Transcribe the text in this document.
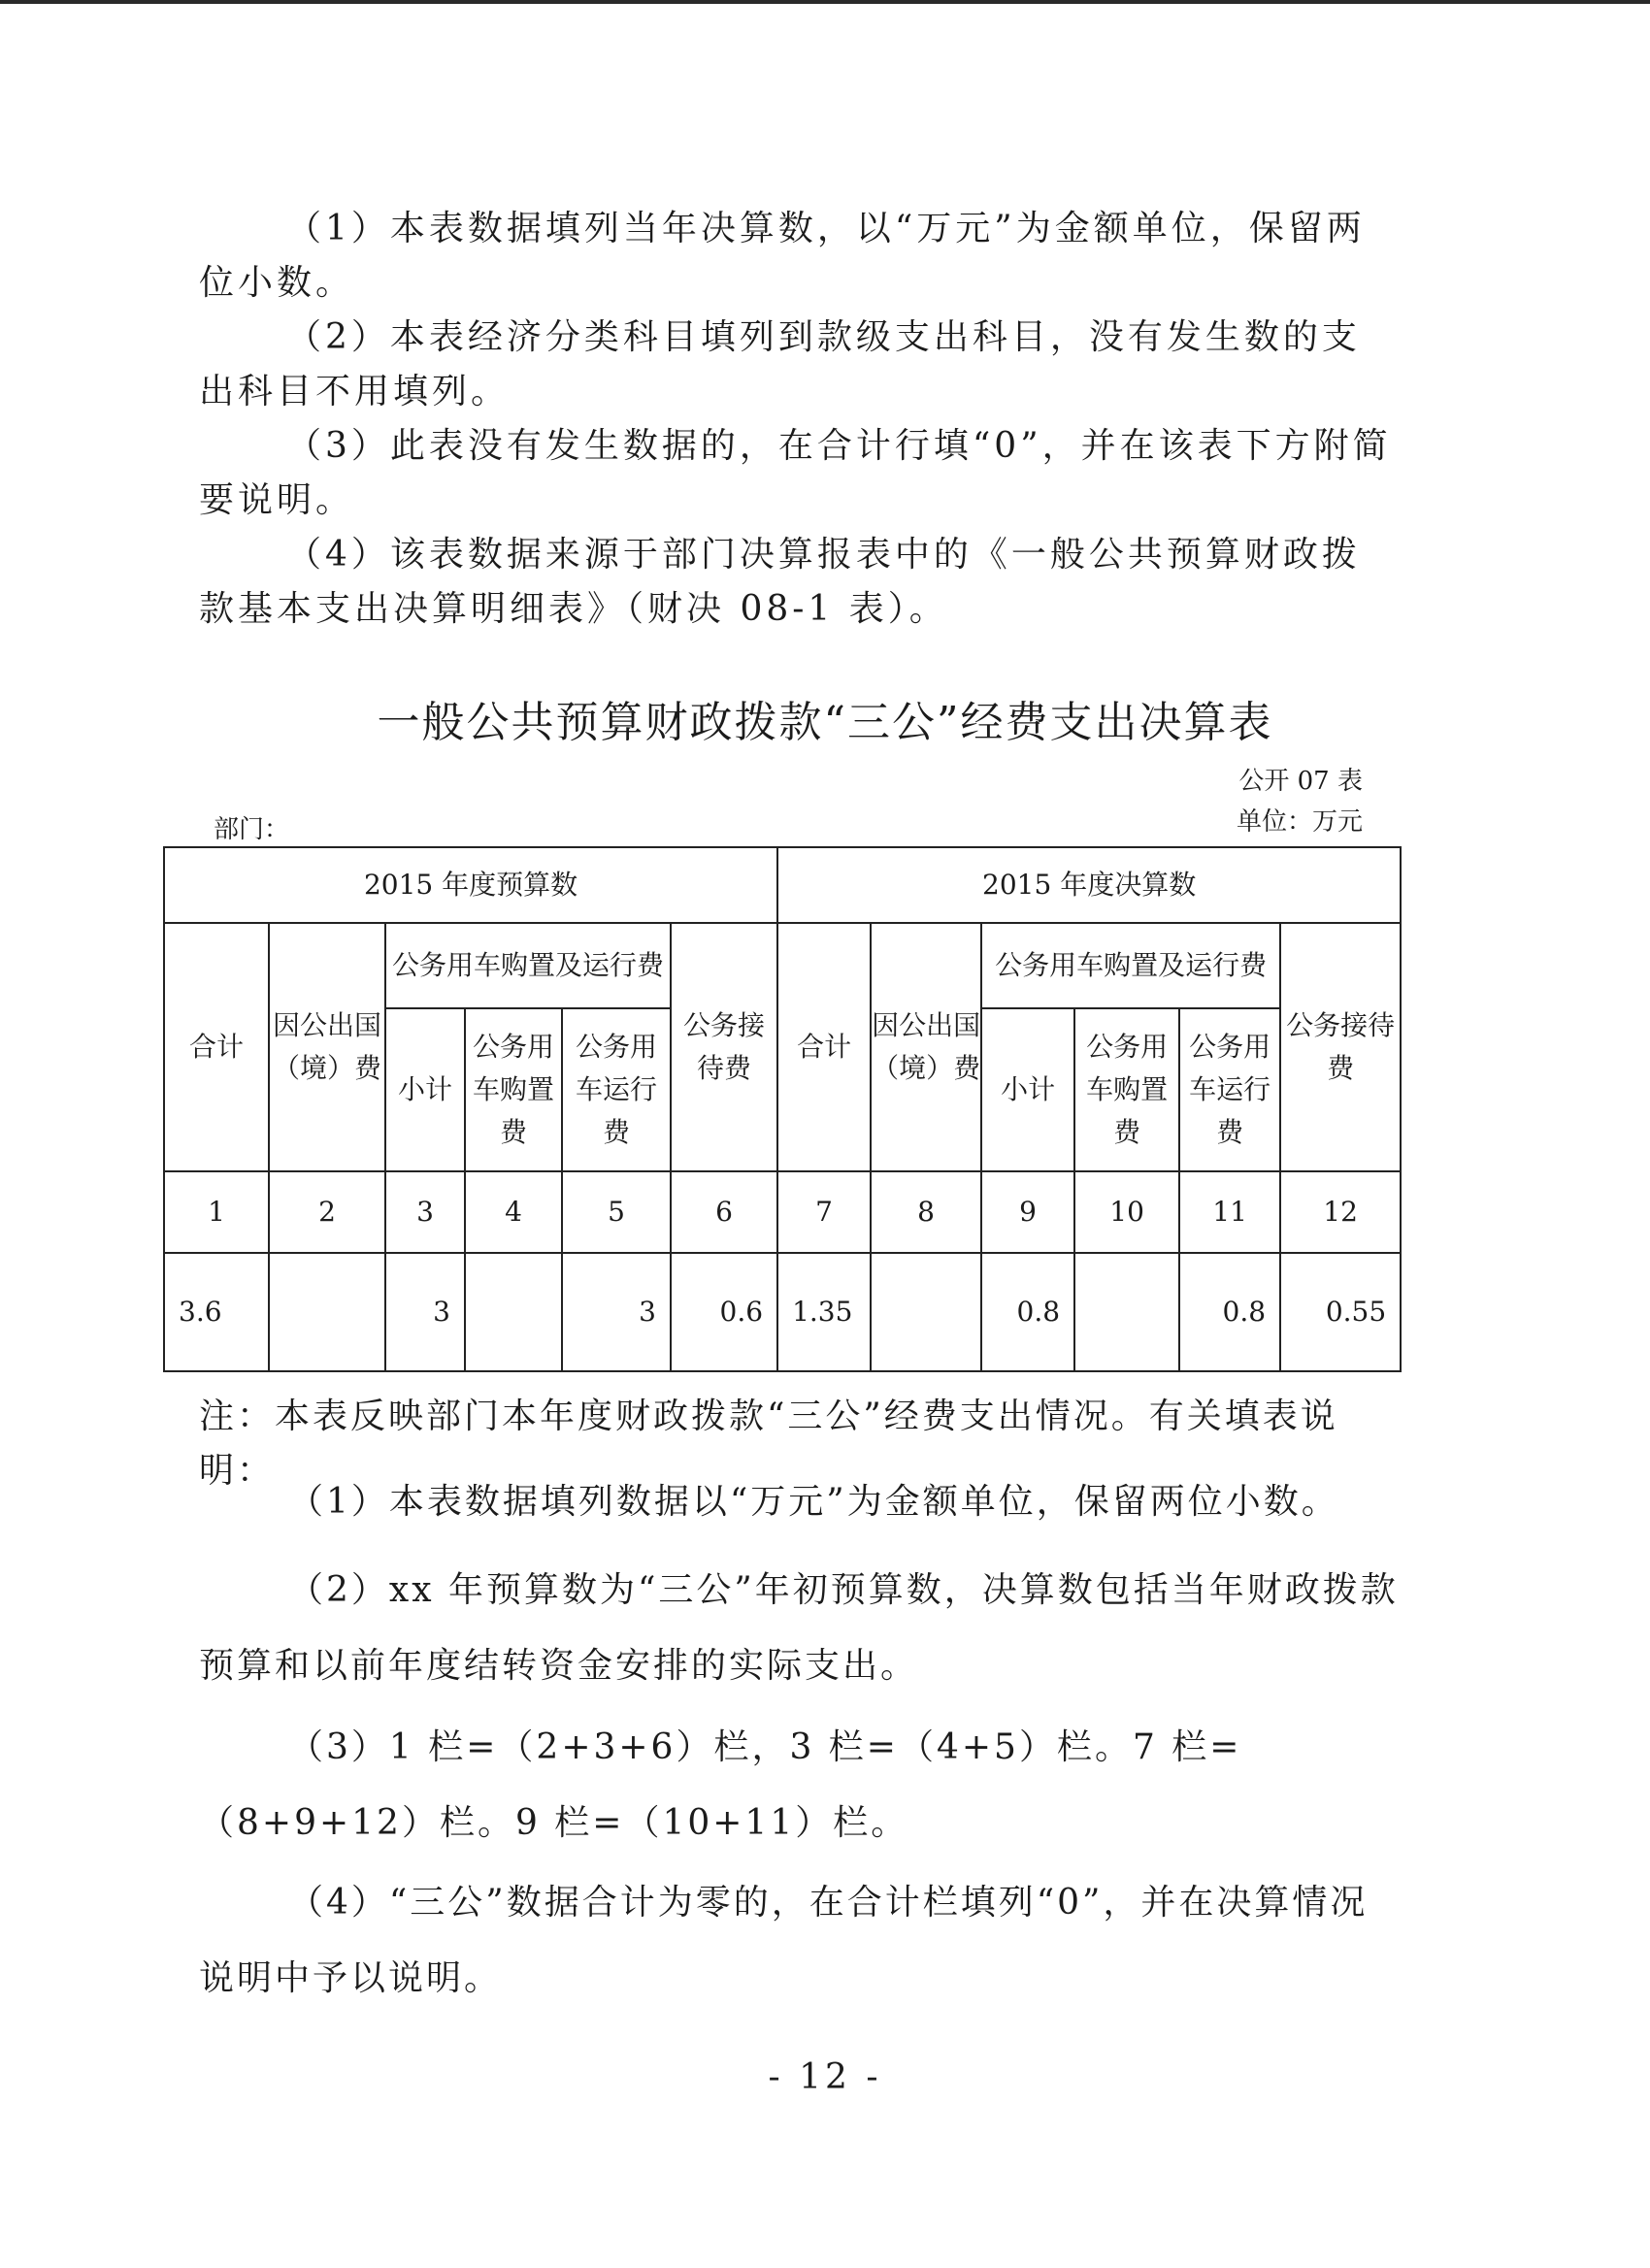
（1）本表数据填列当年决算数，以“万元”为金额单位，保留两位小数。

（2）本表经济分类科目填列到款级支出科目，没有发生数的支出科目不用填列。

（3）此表没有发生数据的，在合计行填“0”，并在该表下方附简要说明。

（4）该表数据来源于部门决算报表中的《一般公共预算财政拨款基本支出决算明细表》（财决 08-1 表）。

一般公共预算财政拨款“三公”经费支出决算表
公开 07 表
部门：	单位：万元
2015 年度预算数						2015 年度决算数					
合计	因公出国（境）费	公务用车购置及运行费			公务接待费	合计	因公出国（境）费	公务用车购置及运行费			公务接待费
		小计	公务用车购置费	公务用车运行费				小计	公务用车购置费	公务用车运行费	
1	2	3	4	5	6	7	8	9	10	11	12
3.6		3		3	0.6	1.35		0.8		0.8	0.55

注：本表反映部门本年度财政拨款“三公”经费支出情况。有关填表说明：

（1）本表数据填列数据以“万元”为金额单位，保留两位小数。

（2）xx 年预算数为“三公”年初预算数，决算数包括当年财政拨款预算和以前年度结转资金安排的实际支出。

（3）1 栏=（2+3+6）栏，3 栏=（4+5）栏。7 栏=（8+9+12）栏。9 栏=（10+11）栏。

（4）“三公”数据合计为零的，在合计栏填列“0”，并在决算情况说明中予以说明。

- 12 -
